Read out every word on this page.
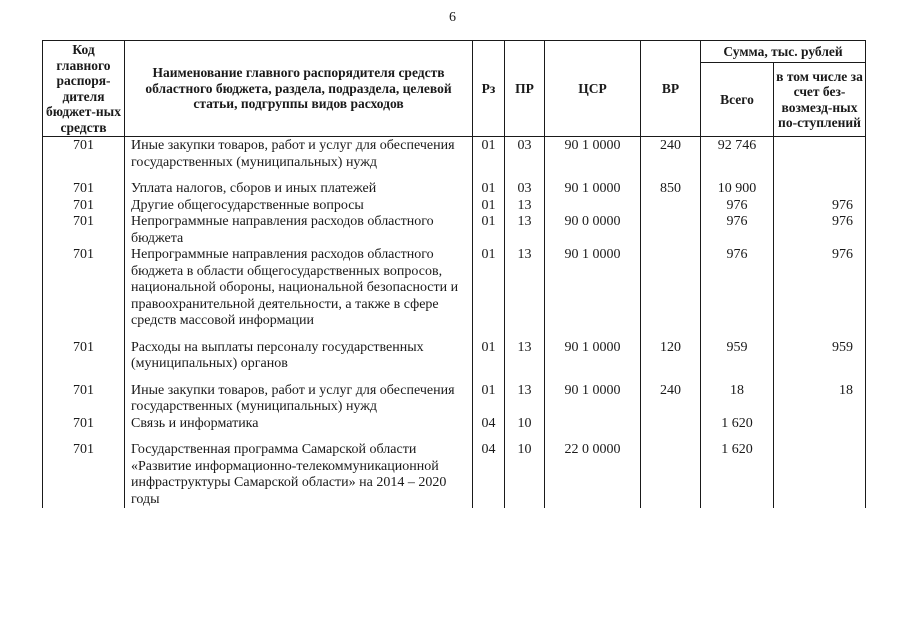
6
Код главного распоря-дителя бюджет-ных средств	Наименование главного распорядителя средств областного бюджета, раздела, подраздела, целевой статьи, подгруппы видов расходов	Рз	ПР	ЦСР	ВР	Сумма, тыс. рублей	
						Всего	в том числе за счет без-возмезд-ных по-ступлений
701	Иные закупки товаров, работ и услуг для обеспечения государственных (муниципальных) нужд	01	03	90 1 0000	240	92 746	
701	Уплата налогов, сборов и иных платежей	01	03	90 1 0000	850	10 900	
701	Другие общегосударственные вопросы	01	13			976	976
701	Непрограммные направления расходов областного бюджета	01	13	90 0 0000		976	976
701	Непрограммные направления расходов областного бюджета в области общегосударственных вопросов, национальной обороны, национальной безопасности и правоохранительной деятельности, а также в сфере средств массовой информации	01	13	90 1 0000		976	976
701	Расходы на выплаты персоналу государственных (муниципальных) органов	01	13	90 1 0000	120	959	959
701	Иные закупки товаров, работ и услуг для обеспечения государственных (муниципальных) нужд	01	13	90 1 0000	240	18	18
701	Связь и информатика	04	10			1 620	
701	Государственная программа Самарской области «Развитие информационно-телекоммуникационной инфраструктуры Самарской области» на 2014 – 2020 годы	04	10	22 0 0000		1 620	
